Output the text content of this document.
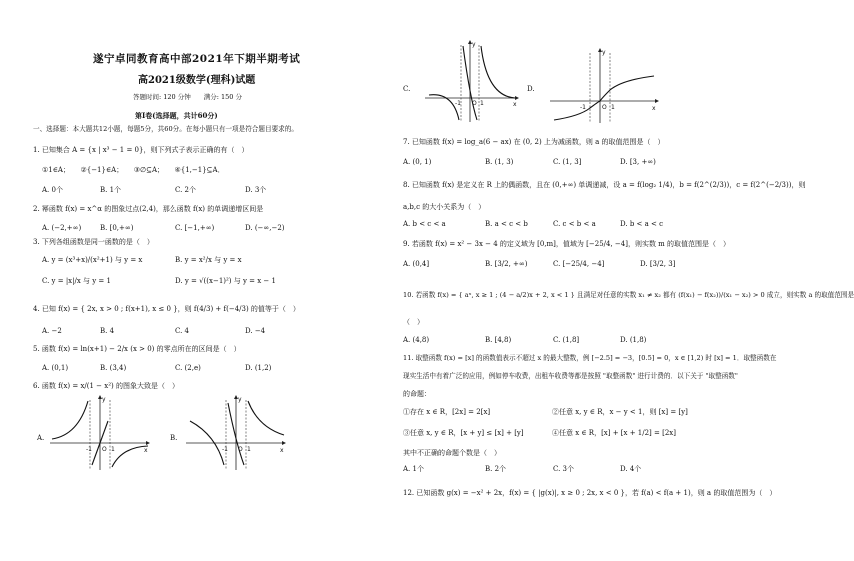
遂宁卓同教育高中部2021年下期半期考试
高2021级数学(理科)试题
答题时间: 120 分钟　　满分: 150 分
第Ⅰ卷(选择题，共计60分)
一、选择题：本大题共12小题，每题5分，共60分。在每小题只有一项是符合题目要求的。
1. 已知集合 A = {x | x³ − 1 = 0}，则下列式子表示正确的有（　）
①1∈A；　　②{−1}∈A；　　③∅⊆A；　　④{1,−1}⊆A．
A. 0个	B. 1个	C. 2个	D. 3个
2. 幂函数 f(x) = x^α 的图象过点(2,4)，那么函数 f(x) 的单调递增区间是
A. (−2,+∞)	B. [0,+∞)	C. [−1,+∞)	D. (−∞,−2)
3. 下列各组函数是同一函数的是（　）
A. y = (x³+x)/(x²+1) 与 y = x	B. y = x²/x 与 y = x
C. y = |x|/x 与 y = 1	D. y = √((x−1)²) 与 y = x − 1
4. 已知 f(x) = { 2x, x > 0 ; f(x+1), x ≤ 0 }，则 f(4/3) + f(−4/3) 的值等于（　）
A. −2	B. 4	C. 4	D. −4
5. 函数 f(x) = ln(x+1) − 2/x (x > 0) 的零点所在的区间是（　）
A. (0,1)	B. (3,4)	C. (2,e)	D. (1,2)
6. 函数 f(x) = x/(1 − x²) 的图象大致是（　）
A.	B.
-1 O 1	x
y
-1 O 1	x
y
C.	D.
-1 O 1	x
y
-1	O 1	x
y
7. 已知函数 f(x) = log_a(6 − ax) 在 (0, 2) 上为减函数，则 a 的取值范围是（　）
A. (0, 1)	B. (1, 3)	C. (1, 3]	D. [3, +∞)
8. 已知函数 f(x) 是定义在 R 上的偶函数，且在 (0,+∞) 单调递减，设 a = f(log₂ 1/4)，b = f(2^(2/3))，c = f(2^(−2/3))，则
a,b,c 的大小关系为（　）
A. b < c < a	B. a < c < b	C. c < b < a	D. b < a < c
9. 若函数 f(x) = x² − 3x − 4 的定义域为 [0,m]，值域为 [−25/4, −4]，则实数 m 的取值范围是（　）
A. (0,4]	B. [3/2, +∞)	C. [−25/4, −4]	D. [3/2, 3]
10. 若函数 f(x) = { aˣ, x ≥ 1 ; (4 − a/2)x + 2, x < 1 } 且满足对任意的实数 x₁ ≠ x₂ 都有 (f(x₁) − f(x₂))/(x₁ − x₂) > 0 成立，则实数 a 的取值范围是
（　）
A. (4,8)	B. [4,8)	C. (1,8]	D. (1,8)
11. 取整函数 f(x) = [x] 的函数值表示不超过 x 的最大整数，例 [−2.5] = −3，[0.5] = 0，x ∈ [1,2) 时 [x] = 1．取整函数在
现实生活中有着广泛的应用，例如停车收费，出租车收费等都是按照 "取整函数" 进行计费的．以下关于 "取整函数"
的命题：
①存在 x ∈ R，[2x] = 2[x]	②任意 x, y ∈ R，x − y < 1，则 [x] = [y]
③任意 x, y ∈ R，[x + y] ≤ [x] + [y]	④任意 x ∈ R，[x] + [x + 1/2] = [2x]
其中不正确的命题个数是（　）
A. 1个	B. 2个	C. 3个	D. 4个
12. 已知函数 g(x) = −x² + 2x，f(x) = { |g(x)|, x ≥ 0 ; 2x, x < 0 }，若 f(a) < f(a + 1)，则 a 的取值范围为（　）
